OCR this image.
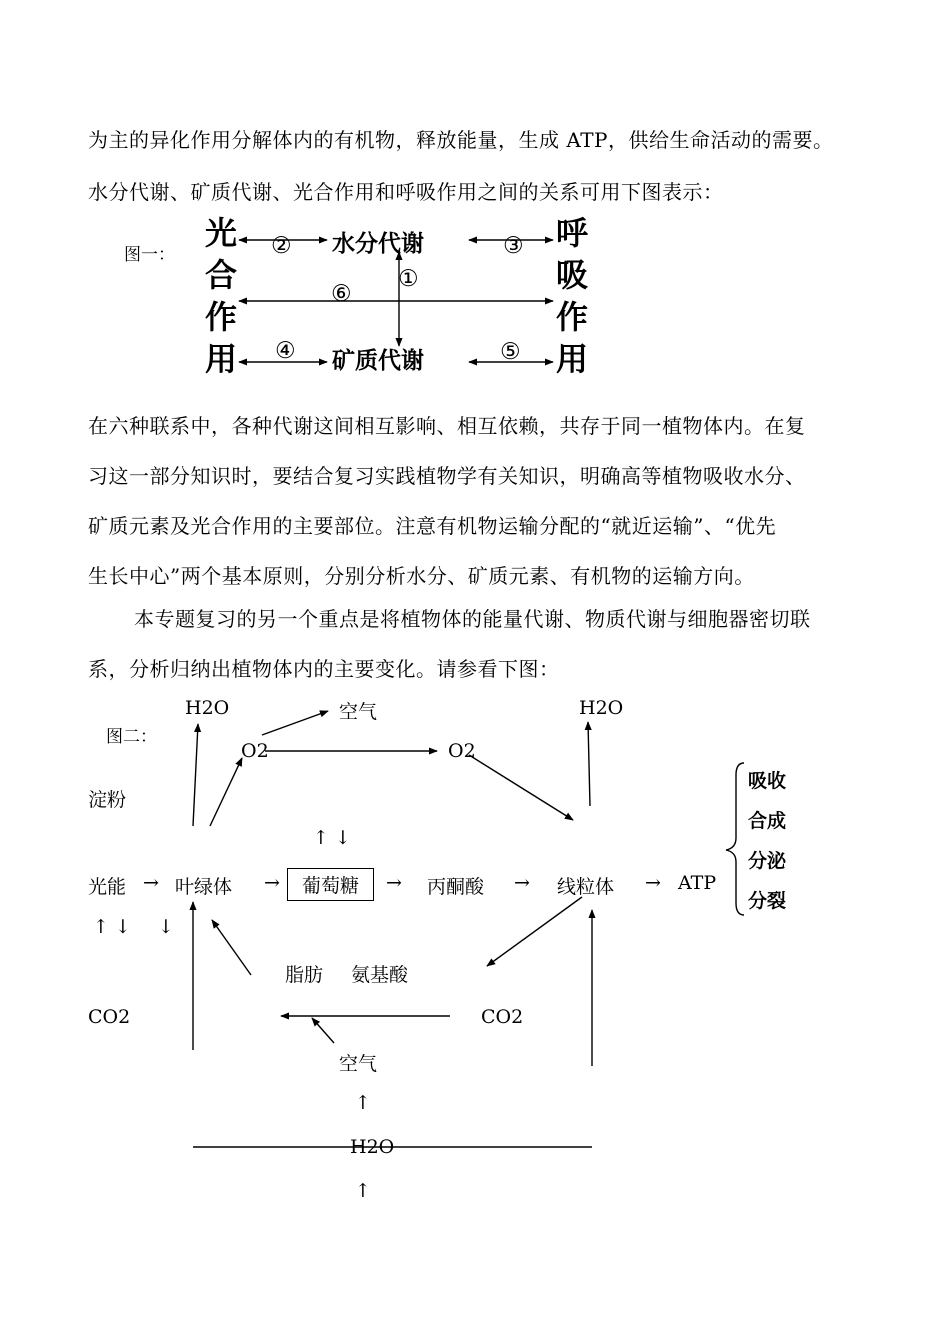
为主的异化作用分解体内的有机物，释放能量，生成 ATP，供给生命活动的需要。
水分代谢、矿质代谢、光合作用和呼吸作用之间的关系可用下图表示：
在六种联系中，各种代谢这间相互影响、相互依赖，共存于同一植物体内。在复
习这一部分知识时，要结合复习实践植物学有关知识，明确高等植物吸收水分、
矿质元素及光合作用的主要部位。注意有机物运输分配的“就近运输”、“优先
生长中心”两个基本原则，分别分析水分、矿质元素、有机物的运输方向。
本专题复习的另一个重点是将植物体的能量代谢、物质代谢与细胞器密切联
系，分析归纳出植物体内的主要变化。请参看下图：
图一：
光
合
作
用
呼
吸
作
用
水分代谢
矿质代谢
②	③
①
⑥
④	⑤
图二：
H2O	空气	H2O
O2	O2
淀粉
↑ ↓
光能 → 叶绿体 →	葡萄糖	→ 丙酮酸 → 线粒体 → ATP
吸收
合成
分泌
分裂
↑ ↓ ↓
脂肪 氨基酸
CO2	CO2
空气
↑
H2O
↑
